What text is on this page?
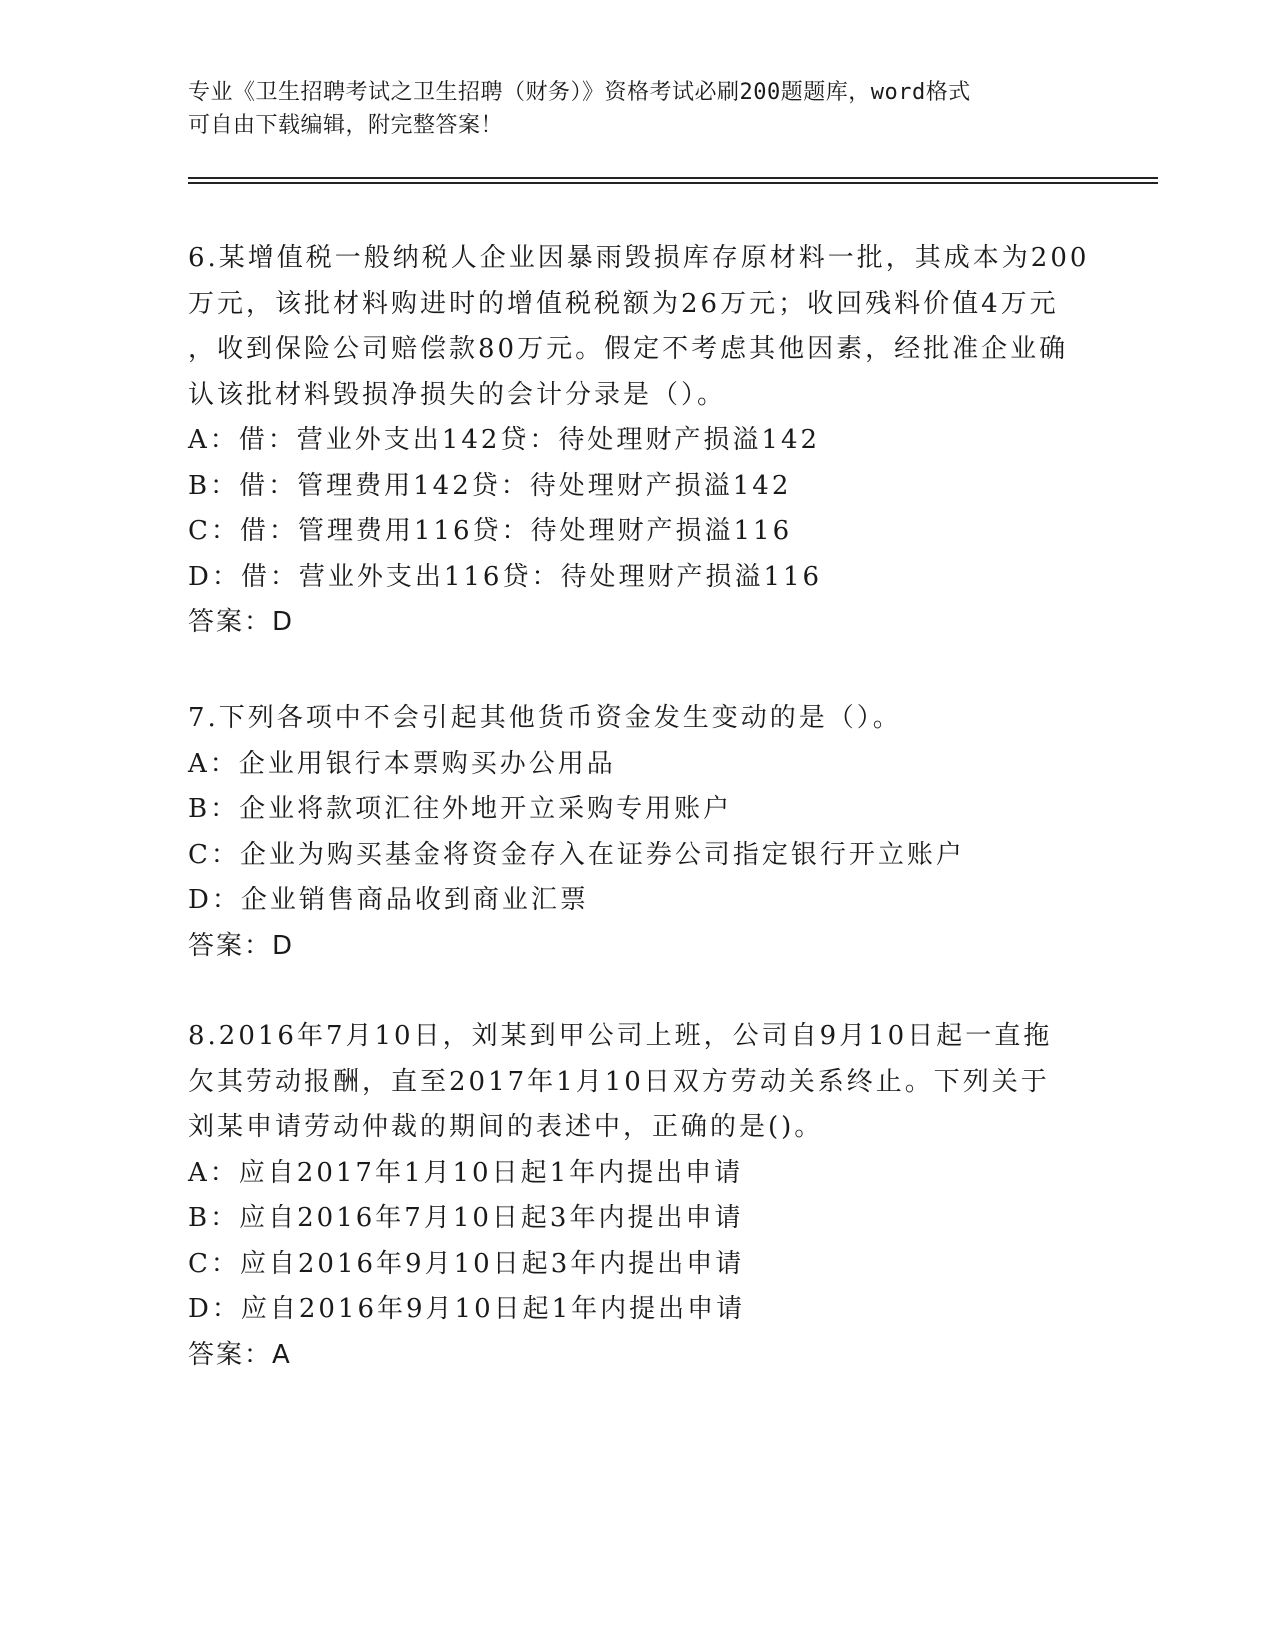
专业《卫生招聘考试之卫生招聘（财务）》资格考试必刷200题题库，word格式
可自由下载编辑，附完整答案！
6.某增值税一般纳税人企业因暴雨毁损库存原材料一批，其成本为200
万元，该批材料购进时的增值税税额为26万元；收回残料价值4万元
，收到保险公司赔偿款80万元。假定不考虑其他因素，经批准企业确
认该批材料毁损净损失的会计分录是（）。
A：借：营业外支出142贷：待处理财产损溢142
B：借：管理费用142贷：待处理财产损溢142
C：借：管理费用116贷：待处理财产损溢116
D：借：营业外支出116贷：待处理财产损溢116
答案：D
7.下列各项中不会引起其他货币资金发生变动的是（）。
A：企业用银行本票购买办公用品
B：企业将款项汇往外地开立采购专用账户
C：企业为购买基金将资金存入在证券公司指定银行开立账户
D：企业销售商品收到商业汇票
答案：D
8.2016年7月10日，刘某到甲公司上班，公司自9月10日起一直拖
欠其劳动报酬，直至2017年1月10日双方劳动关系终止。下列关于
刘某申请劳动仲裁的期间的表述中，正确的是()。
A：应自2017年1月10日起1年内提出申请
B：应自2016年7月10日起3年内提出申请
C：应自2016年9月10日起3年内提出申请
D：应自2016年9月10日起1年内提出申请
答案：A
